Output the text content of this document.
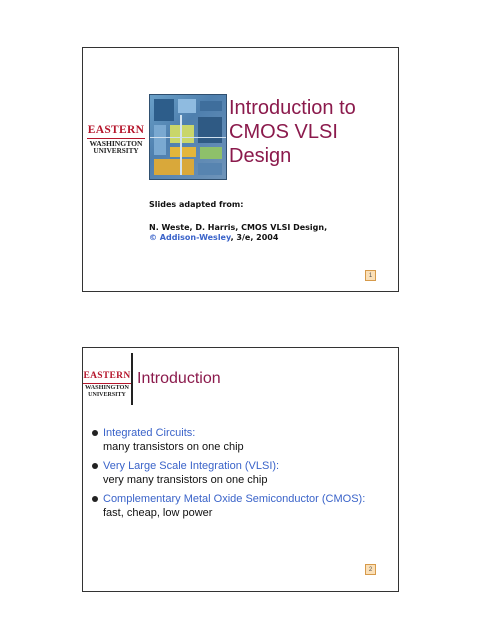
EASTERN
WASHINGTON
UNIVERSITY
Introduction to
CMOS VLSI
Design
Slides adapted from:
N. Weste, D. Harris, CMOS VLSI Design,
© Addison-Wesley, 3/e, 2004
1
EASTERN
WASHINGTON
UNIVERSITY
Introduction
Integrated Circuits:
many transistors on one chip
Very Large Scale Integration (VLSI):
very many transistors on one chip
Complementary Metal Oxide Semiconductor (CMOS):
fast, cheap, low power
2
